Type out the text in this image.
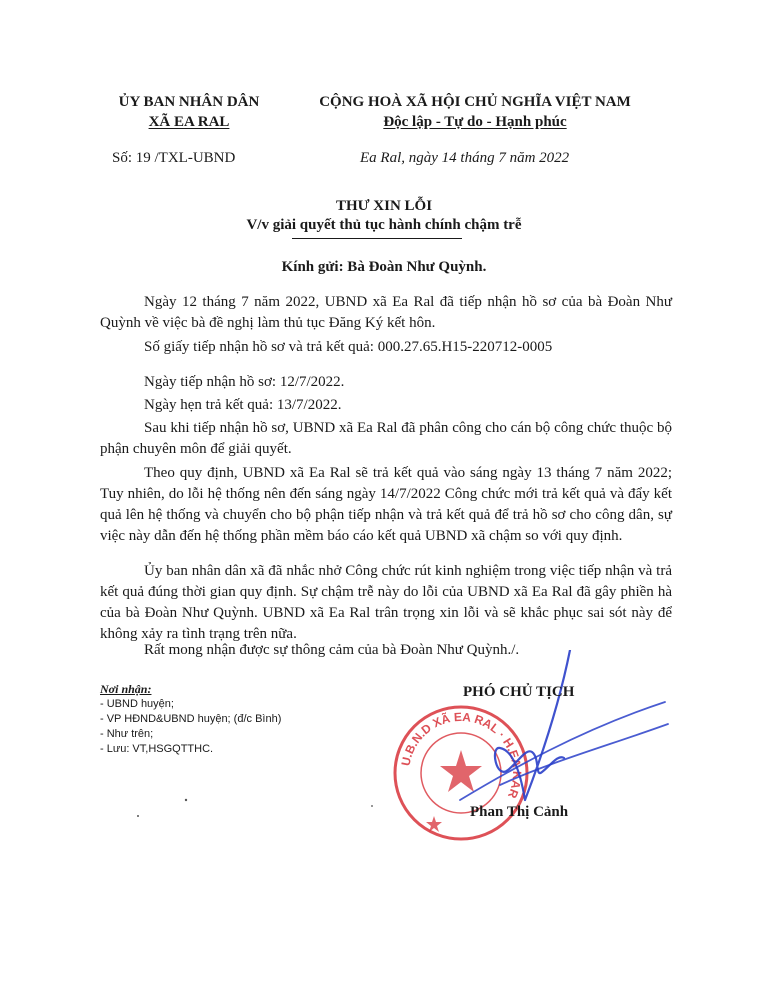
ỦY BAN NHÂN DÂN
XÃ EA RAL
CỘNG HOÀ XÃ HỘI CHỦ NGHĨA VIỆT NAM
Độc lập - Tự do - Hạnh phúc
Số: 19 /TXL-UBND	Ea Ral, ngày 14 tháng 7 năm 2022
THƯ XIN LỖI
V/v giải quyết thủ tục hành chính chậm trễ
Kính gửi: Bà Đoàn Như Quỳnh.

Ngày 12 tháng 7 năm 2022, UBND xã Ea Ral đã tiếp nhận hồ sơ của bà Đoàn Như Quỳnh về việc bà đề nghị làm thủ tục Đăng Ký kết hôn.

Số giấy tiếp nhận hồ sơ và trả kết quả: 000.27.65.H15-220712-0005

Ngày tiếp nhận hồ sơ: 12/7/2022.

Ngày hẹn trả kết quả: 13/7/2022.

Sau khi tiếp nhận hồ sơ, UBND xã Ea Ral đã phân công cho cán bộ công chức thuộc bộ phận chuyên môn để giải quyết.

Theo quy định, UBND xã Ea Ral sẽ trả kết quả vào sáng ngày 13 tháng 7 năm 2022; Tuy nhiên, do lỗi hệ thống nên đến sáng ngày 14/7/2022 Công chức mới trả kết quả và đẩy kết quả lên hệ thống và chuyển cho bộ phận tiếp nhận và trả kết quả để trả hồ sơ cho công dân, sự việc này dẫn đến hệ thống phần mềm báo cáo kết quả UBND xã chậm so với quy định.

Ủy ban nhân dân xã đã nhắc nhở Công chức rút kinh nghiệm trong việc tiếp nhận và trả kết quả đúng thời gian quy định. Sự chậm trễ này do lỗi của UBND xã Ea Ral đã gây phiền hà của bà Đoàn Như Quỳnh. UBND xã Ea Ral trân trọng xin lỗi và sẽ khắc phục sai sót này để không xảy ra tình trạng trên nữa.

Rất mong nhận được sự thông cảm của bà Đoàn Như Quỳnh./.

Nơi nhận:
- UBND huyện;
- VP HĐND&UBND huyện; (đ/c Bình)
- Như trên;
- Lưu: VT,HSGQTTHC.
U.B.N.D XÃ EA RAL · H.EA KAR
PHÓ CHỦ TỊCH
Phan Thị Cảnh
